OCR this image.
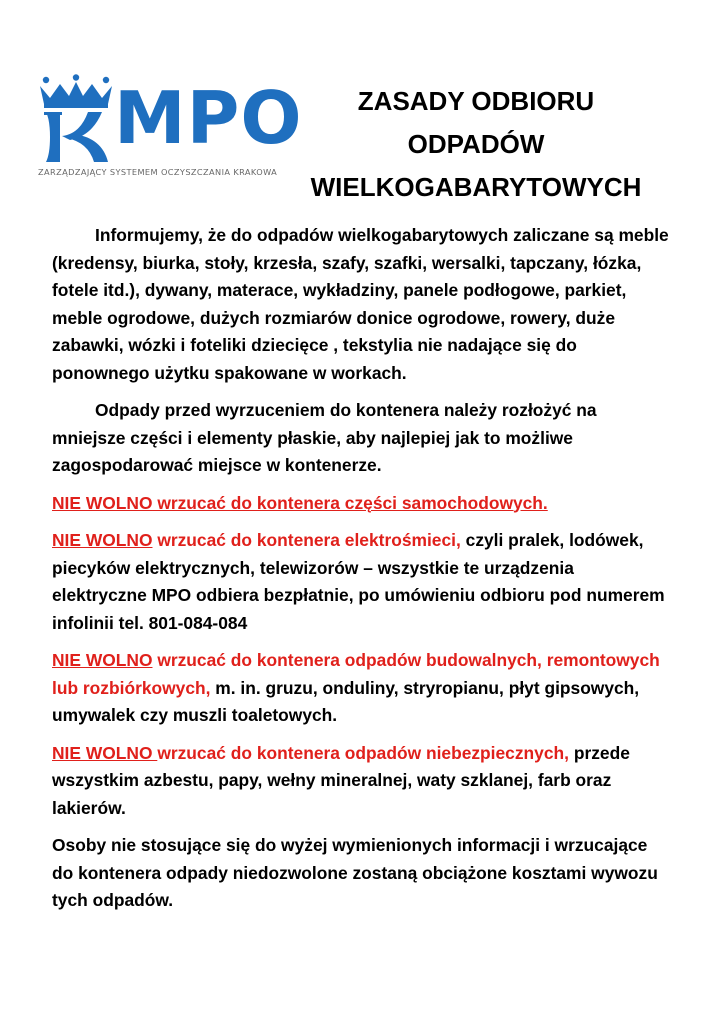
MPO
ZARZĄDZAJĄCY SYSTEMEM OCZYSZCZANIA KRAKOWA
ZASADY ODBIORU
ODPADÓW
WIELKOGABARYTOWYCH

Informujemy, że do odpadów wielkogabarytowych zaliczane są meble (kredensy, biurka, stoły, krzesła, szafy, szafki, wersalki, tapczany, łózka, fotele itd.), dywany, materace, wykładziny, panele podłogowe, parkiet, meble ogrodowe, dużych rozmiarów donice ogrodowe, rowery, duże zabawki, wózki i foteliki dziecięce , tekstylia nie nadające się do ponownego użytku spakowane w workach.

Odpady przed wyrzuceniem do kontenera należy rozłożyć na mniejsze części i elementy płaskie, aby najlepiej jak to możliwe zagospodarować miejsce w kontenerze.

NIE WOLNO wrzucać do kontenera części samochodowych.

NIE WOLNO wrzucać do kontenera elektrośmieci, czyli pralek, lodówek, piecyków elektrycznych, telewizorów – wszystkie te urządzenia elektryczne MPO odbiera bezpłatnie, po umówieniu odbioru pod numerem infolinii tel. 801-084-084

NIE WOLNO wrzucać do kontenera odpadów budowalnych, remontowych lub rozbiórkowych, m. in. gruzu, onduliny, stryropianu, płyt gipsowych, umywalek czy muszli toaletowych.

NIE WOLNO wrzucać do kontenera odpadów niebezpiecznych, przede wszystkim azbestu, papy, wełny mineralnej, waty szklanej, farb oraz lakierów.

Osoby nie stosujące się do wyżej wymienionych informacji i wrzucające do kontenera odpady niedozwolone zostaną obciążone kosztami wywozu tych odpadów.
